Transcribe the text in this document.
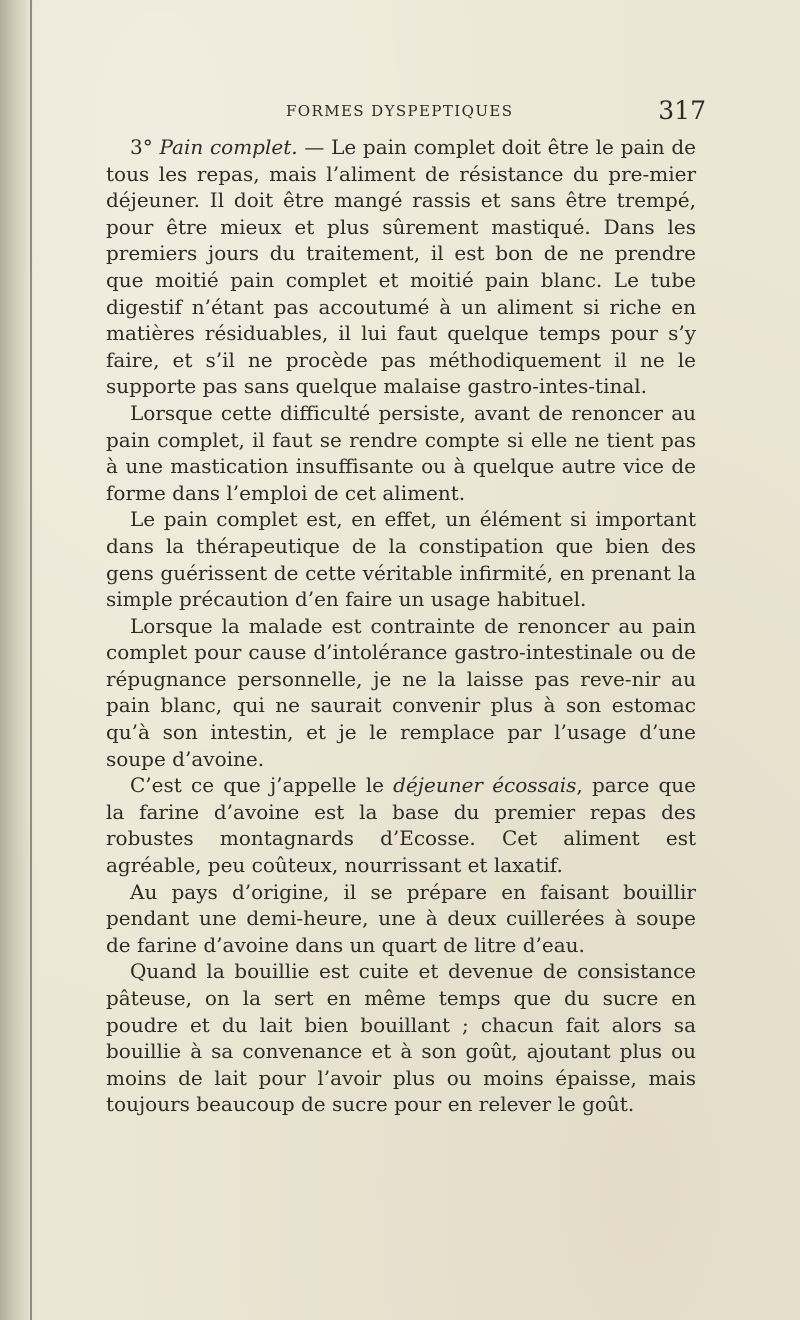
FORMES DYSPEPTIQUES	317

3° Pain complet. — Le pain complet doit être le pain de tous les repas, mais l’aliment de résistance du pre-mier déjeuner. Il doit être mangé rassis et sans être trempé, pour être mieux et plus sûrement mastiqué. Dans les premiers jours du traitement, il est bon de ne prendre que moitié pain complet et moitié pain blanc. Le tube digestif n’étant pas accoutumé à un aliment si riche en matières résiduables, il lui faut quelque temps pour s’y faire, et s’il ne procède pas méthodiquement il ne le supporte pas sans quelque malaise gastro-intes-tinal.

Lorsque cette difficulté persiste, avant de renoncer au pain complet, il faut se rendre compte si elle ne tient pas à une mastication insuffisante ou à quelque autre vice de forme dans l’emploi de cet aliment.

Le pain complet est, en effet, un élément si important dans la thérapeutique de la constipation que bien des gens guérissent de cette véritable infirmité, en prenant la simple précaution d’en faire un usage habituel.

Lorsque la malade est contrainte de renoncer au pain complet pour cause d’intolérance gastro-intestinale ou de répugnance personnelle, je ne la laisse pas reve-nir au pain blanc, qui ne saurait convenir plus à son estomac qu’à son intestin, et je le remplace par l’usage d’une soupe d’avoine.

C’est ce que j’appelle le déjeuner écossais, parce que la farine d’avoine est la base du premier repas des robustes montagnards d’Ecosse. Cet aliment est agréable, peu coûteux, nourrissant et laxatif.

Au pays d’origine, il se prépare en faisant bouillir pendant une demi-heure, une à deux cuillerées à soupe de farine d’avoine dans un quart de litre d’eau.

Quand la bouillie est cuite et devenue de consistance pâteuse, on la sert en même temps que du sucre en poudre et du lait bien bouillant ; chacun fait alors sa bouillie à sa convenance et à son goût, ajoutant plus ou moins de lait pour l’avoir plus ou moins épaisse, mais toujours beaucoup de sucre pour en relever le goût.
